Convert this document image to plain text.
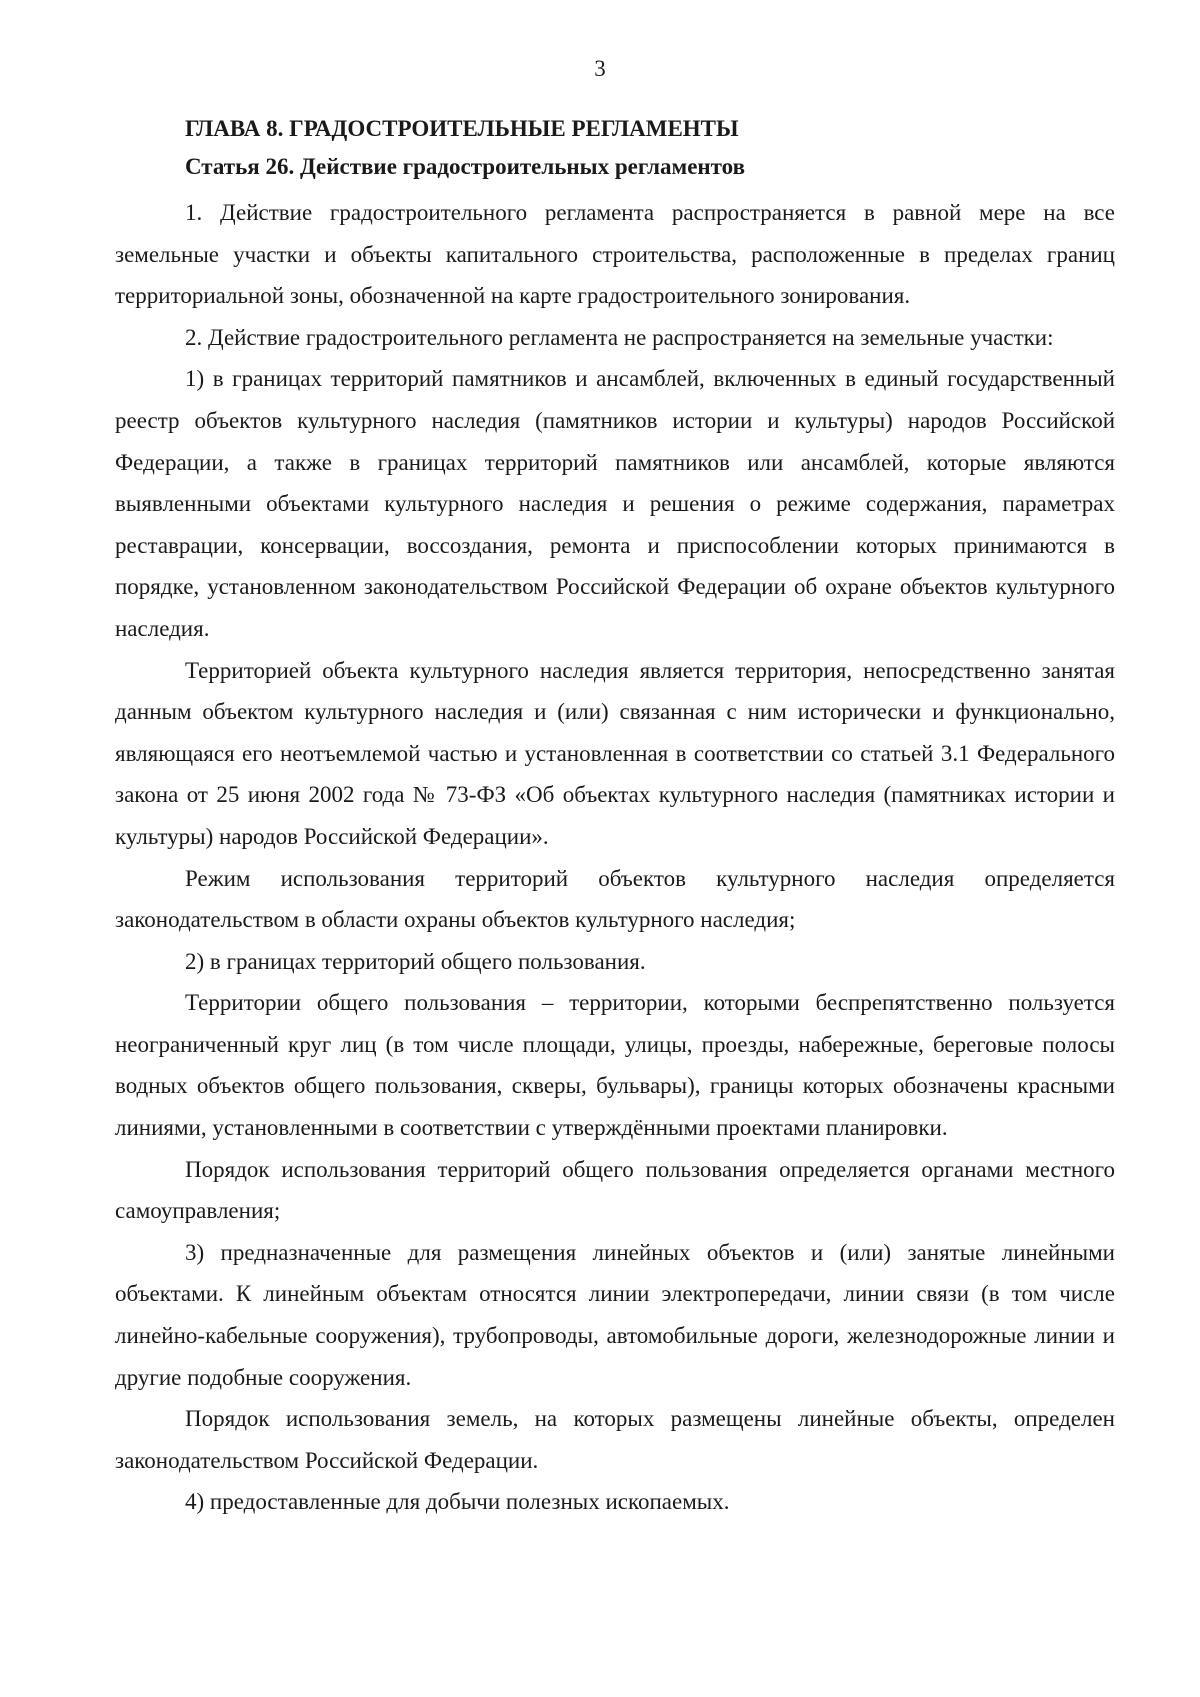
3
ГЛАВА 8. ГРАДОСТРОИТЕЛЬНЫЕ РЕГЛАМЕНТЫ
Статья 26. Действие градостроительных регламентов

1. Действие градостроительного регламента распространяется в равной мере на все земельные участки и объекты капитального строительства, расположенные в пределах границ территориальной зоны, обозначенной на карте градостроительного зонирования.

2. Действие градостроительного регламента не распространяется на земельные участки:

1) в границах территорий памятников и ансамблей, включенных в единый государственный реестр объектов культурного наследия (памятников истории и культуры) народов Российской Федерации, а также в границах территорий памятников или ансамблей, которые являются выявленными объектами культурного наследия и решения о режиме содержания, параметрах реставрации, консервации, воссоздания, ремонта и приспособлении которых принимаются в порядке, установленном законодательством Российской Федерации об охране объектов культурного наследия.

Территорией объекта культурного наследия является территория, непосредственно занятая данным объектом культурного наследия и (или) связанная с ним исторически и функционально, являющаяся его неотъемлемой частью и установленная в соответствии со статьей 3.1 Федерального закона от 25 июня 2002 года № 73-ФЗ «Об объектах культурного наследия (памятниках истории и культуры) народов Российской Федерации».

Режим использования территорий объектов культурного наследия определяется законодательством в области охраны объектов культурного наследия;

2) в границах территорий общего пользования.

Территории общего пользования – территории, которыми беспрепятственно пользуется неограниченный круг лиц (в том числе площади, улицы, проезды, набережные, береговые полосы водных объектов общего пользования, скверы, бульвары), границы которых обозначены красными линиями, установленными в соответствии с утверждёнными проектами планировки.

Порядок использования территорий общего пользования определяется органами местного самоуправления;

3) предназначенные для размещения линейных объектов и (или) занятые линейными объектами. К линейным объектам относятся линии электропередачи, линии связи (в том числе линейно-кабельные сооружения), трубопроводы, автомобильные дороги, железнодорожные линии и другие подобные сооружения.

Порядок использования земель, на которых размещены линейные объекты, определен законодательством Российской Федерации.

4) предоставленные для добычи полезных ископаемых.
